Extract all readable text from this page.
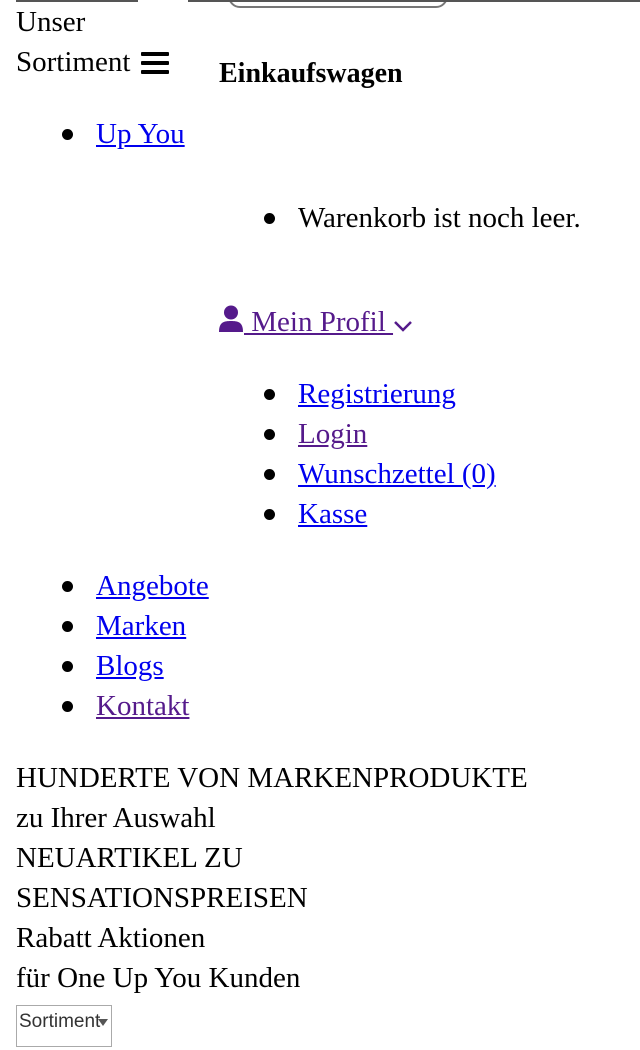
Unser Sortiment	Einkaufswagen
Up You
Warenkorb ist noch leer.
Mein Profil
Registrierung
Login
Wunschzettel (0)
Kasse
Angebote
Marken
Blogs
Kontakt
HUNDERTE VON MARKENPRODUKTE
zu Ihrer Auswahl
NEUARTIKEL ZU
SENSATIONSPREISEN
Rabatt Aktionen
für One Up You Kunden
Sortiment
